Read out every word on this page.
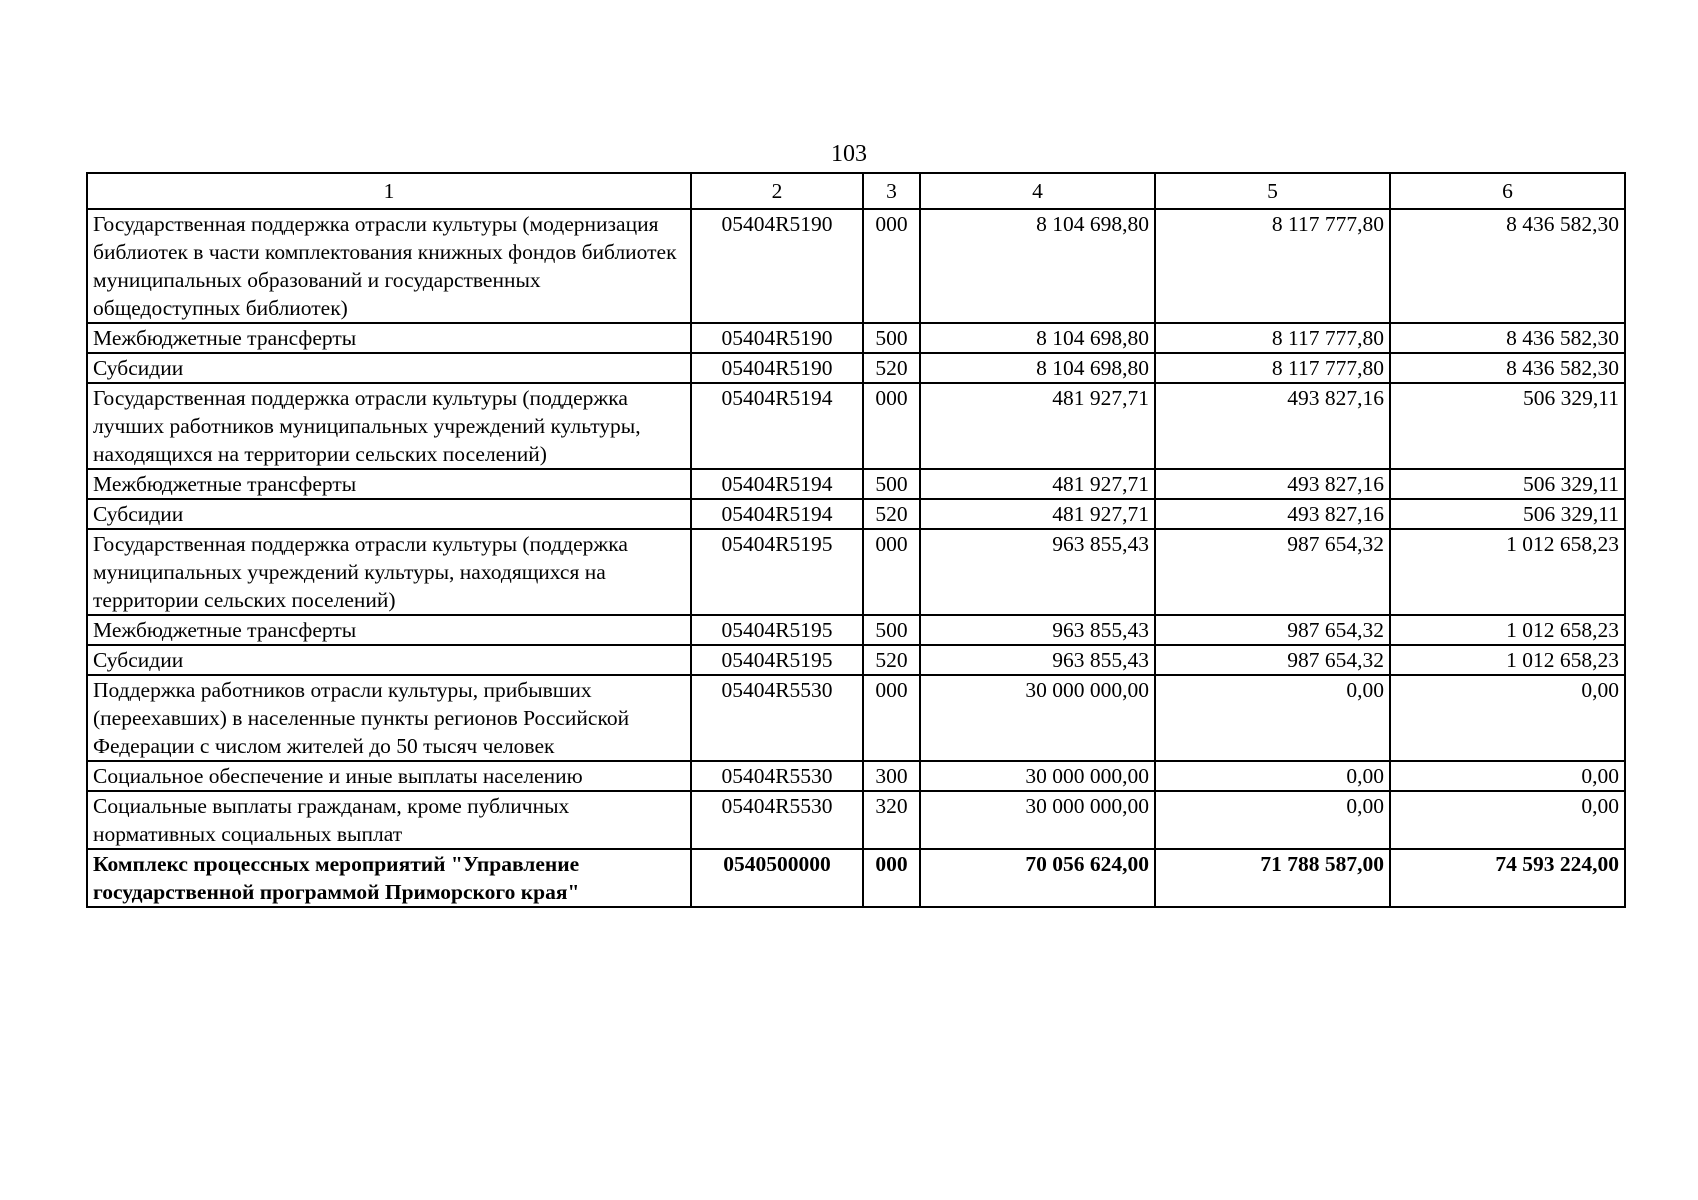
103
1	2	3	4	5	6
Государственная поддержка отрасли культуры (модернизация библиотек в части комплектования книжных фондов библиотек муниципальных образований и государственных общедоступных библиотек)	05404R5190	000	8 104 698,80	8 117 777,80	8 436 582,30
Межбюджетные трансферты	05404R5190	500	8 104 698,80	8 117 777,80	8 436 582,30
Субсидии	05404R5190	520	8 104 698,80	8 117 777,80	8 436 582,30
Государственная поддержка отрасли культуры (поддержка лучших работников муниципальных учреждений культуры, находящихся на территории сельских поселений)	05404R5194	000	481 927,71	493 827,16	506 329,11
Межбюджетные трансферты	05404R5194	500	481 927,71	493 827,16	506 329,11
Субсидии	05404R5194	520	481 927,71	493 827,16	506 329,11
Государственная поддержка отрасли культуры (поддержка муниципальных учреждений культуры, находящихся на территории сельских поселений)	05404R5195	000	963 855,43	987 654,32	1 012 658,23
Межбюджетные трансферты	05404R5195	500	963 855,43	987 654,32	1 012 658,23
Субсидии	05404R5195	520	963 855,43	987 654,32	1 012 658,23
Поддержка работников отрасли культуры, прибывших (переехавших) в населенные пункты регионов Российской Федерации с числом жителей до 50 тысяч человек	05404R5530	000	30 000 000,00	0,00	0,00
Социальное обеспечение и иные выплаты населению	05404R5530	300	30 000 000,00	0,00	0,00
Социальные выплаты гражданам, кроме публичных нормативных социальных выплат	05404R5530	320	30 000 000,00	0,00	0,00
Комплекс процессных мероприятий "Управление государственной программой Приморского края"	0540500000	000	70 056 624,00	71 788 587,00	74 593 224,00
